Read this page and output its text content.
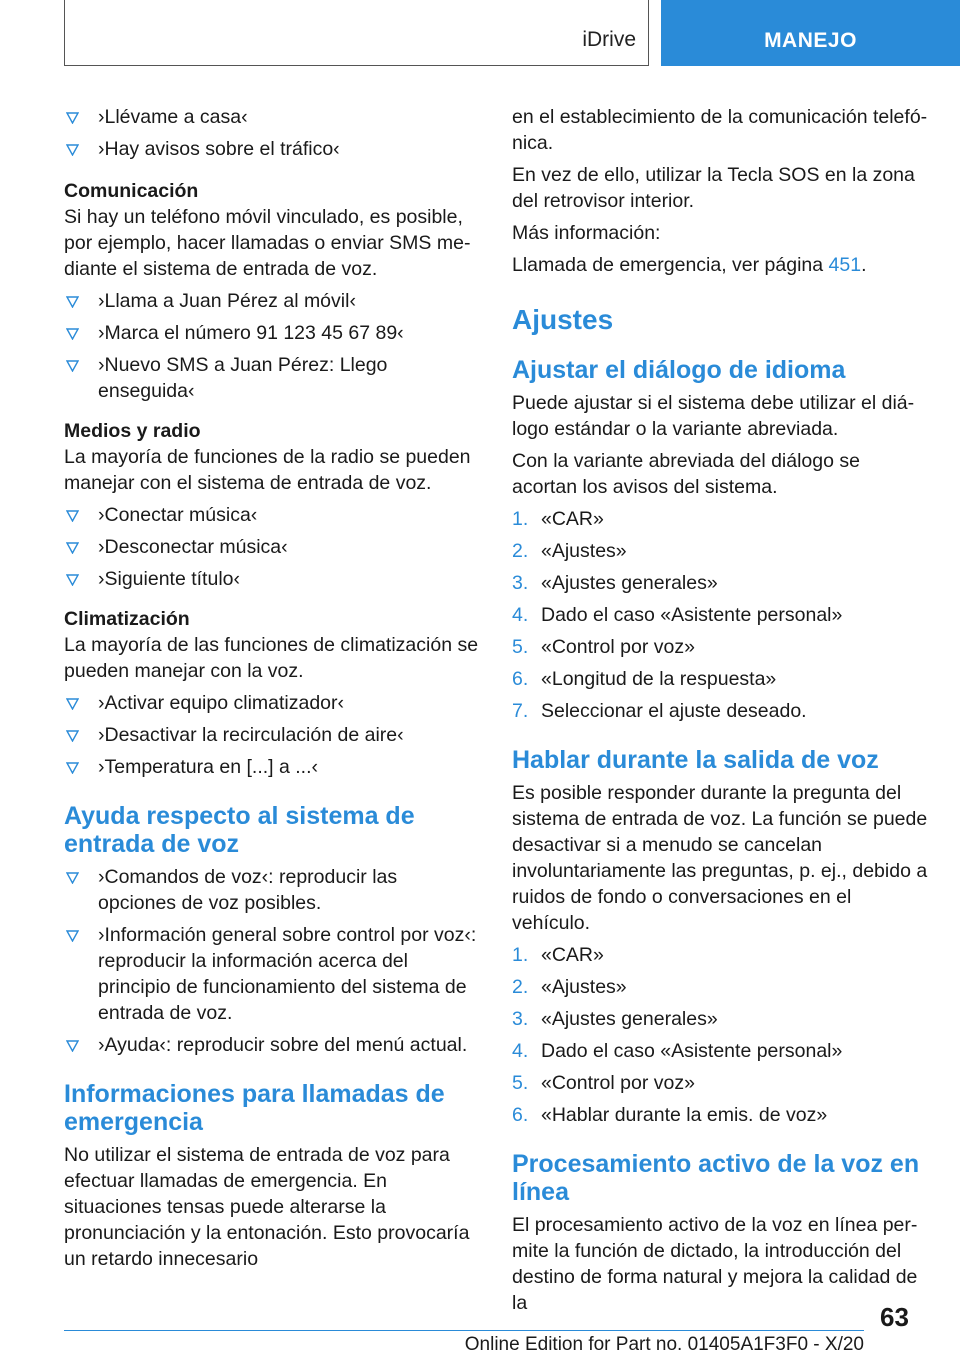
iDrive	MANEJO
›Llévame a casa‹
›Hay avisos sobre el tráfico‹
Comunicación

Si hay un teléfono móvil vinculado, es posible, por ejemplo, hacer llamadas o enviar SMS mediante el sistema de entrada de voz.

›Llama a Juan Pérez al móvil‹
›Marca el número 91 123 45 67 89‹
›Nuevo SMS a Juan Pérez: Llego enseguida‹
Medios y radio

La mayoría de funciones de la radio se pueden manejar con el sistema de entrada de voz.

›Conectar música‹
›Desconectar música‹
›Siguiente título‹
Climatización

La mayoría de las funciones de climatización se pueden manejar con la voz.

›Activar equipo climatizador‹
›Desactivar la recirculación de aire‹
›Temperatura en [...] a ...‹
Ayuda respecto al sistema de entrada de voz
›Comandos de voz‹: reproducir las opciones de voz posibles.
›Información general sobre control por voz‹: reproducir la información acerca del principio de funcionamiento del sistema de entrada de voz.
›Ayuda‹: reproducir sobre del menú actual.
Informaciones para llamadas de emergencia

No utilizar el sistema de entrada de voz para efectuar llamadas de emergencia. En situaciones tensas puede alterarse la pronunciación y la entonación. Esto provocaría un retardo innecesario

en el establecimiento de la comunicación telefónica.

En vez de ello, utilizar la Tecla SOS en la zona del retrovisor interior.

Más información:

Llamada de emergencia, ver página 451.

Ajustes
Ajustar el diálogo de idioma

Puede ajustar si el sistema debe utilizar el diálogo estándar o la variante abreviada.

Con la variante abreviada del diálogo se acortan los avisos del sistema.

1. «CAR»
2. «Ajustes»
3. «Ajustes generales»
4. Dado el caso «Asistente personal»
5. «Control por voz»
6. «Longitud de la respuesta»
7. Seleccionar el ajuste deseado.
Hablar durante la salida de voz

Es posible responder durante la pregunta del sistema de entrada de voz. La función se puede desactivar si a menudo se cancelan involuntariamente las preguntas, p. ej., debido a ruidos de fondo o conversaciones en el vehículo.

1. «CAR»
2. «Ajustes»
3. «Ajustes generales»
4. Dado el caso «Asistente personal»
5. «Control por voz»
6. «Hablar durante la emis. de voz»
Procesamiento activo de la voz en línea

El procesamiento activo de la voz en línea permite la función de dictado, la introducción del destino de forma natural y mejora la calidad de la	63
Online Edition for Part no. 01405A1F3F0 - X/20
